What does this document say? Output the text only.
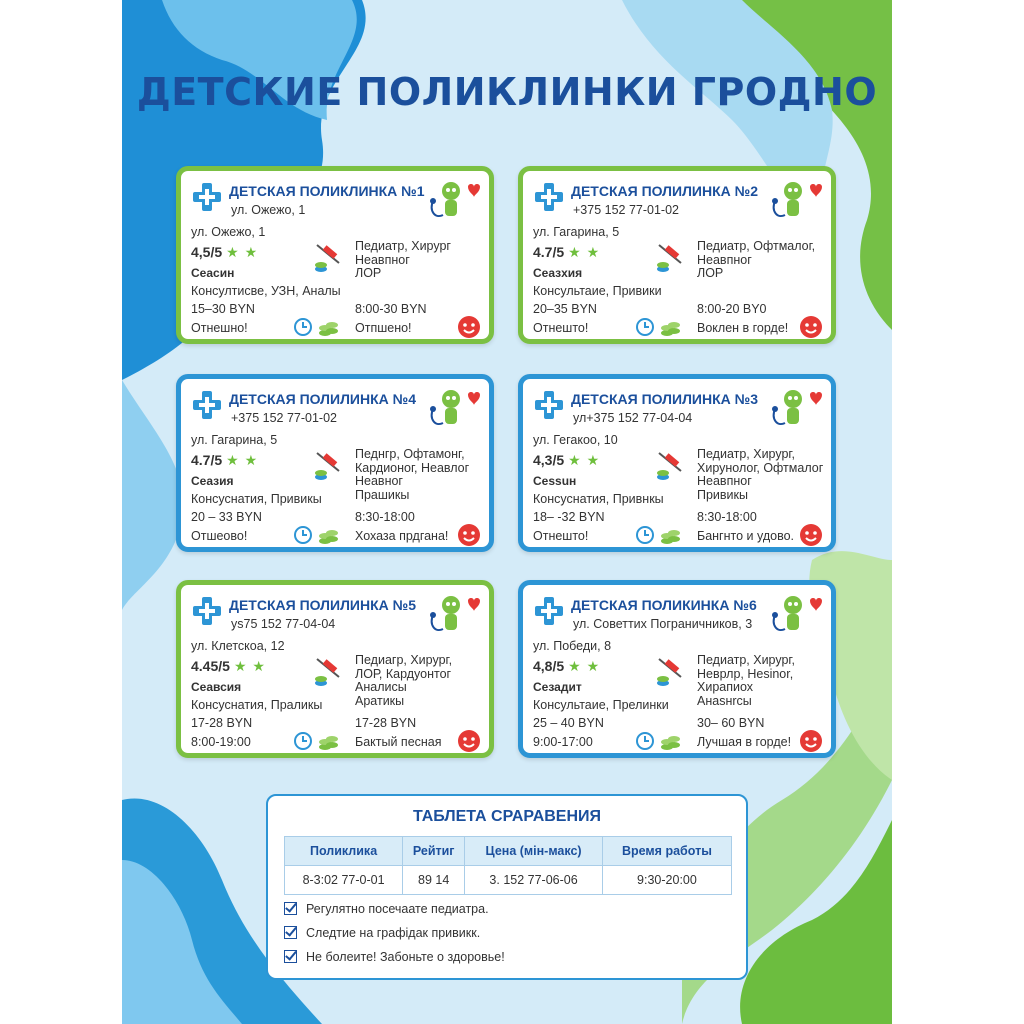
ДЕТСКИЕ ПОЛИКЛИНКИ ГРОДНО
ДЕТСКАЯ ПОЛИКЛИНКА №1
ул. Ожежо, 1
ул. Ожежо, 1
4,5/5 ★ ★
Сеасин
Консултисве, УЗН, Аналы
15–30 BYN
Отнешно!
Педиатр, Хирург
Неавпног
ЛОР
8:00-30 BYN
Отпшено!
ДЕТСКАЯ ПОЛИЛИНКА №2
+375 152 77-01-02
ул. Гагарина, 5
4.7/5 ★ ★
Сеазхия
Консультаие, Привики
20–35 BYN
Отнешто!
Педиатр, Офтмалог,
Неавпног
ЛОР
8:00-20 BY0
Воклен в горде!
ДЕТСКАЯ ПОЛИЛИНКА №4
+375 152 77-01-02
ул. Гагарина, 5
4.7/5 ★ ★
Сеазия
Консуснатия, Привикы
20 – 33 BYN
Отшеово!
Педнгр, Офтамонг,
Кардионог, Неавлог
Неавног
Прашикы
8:30-18:00
Хохаза прдгана!
ДЕТСКАЯ ПОЛИЛИНКА №3
ул+375 152 77-04-04
ул. Гегакоо, 10
4,3/5 ★ ★
Сеssuн
Консуснатия, Привнкы
18– -32 BYN
Отнешто!
Педиатр, Хирург,
Хирунолог, Офтмалог
Неавпног
Привикы
8:30-18:00
Бангнто и удово.
ДЕТСКАЯ ПОЛИЛИНКА №5
уs75 152 77-04-04
ул. Клетскоа, 12
4.45/5 ★ ★
Сеавсия
Консуснатия, Праликы
17-28 BYN
8:00-19:00
Педиагр, Хирург,
ЛОР, Кардуонтог
Аналисы
Аратикы
17-28 BYN
Бактый песная
ДЕТСКАЯ ПОЛИКИНКА №6
ул. Советтих Пограничников, 3
ул. Победи, 8
4,8/5 ★ ★
Сезадит
Консультаие, Прелинки
25 – 40 BYN
9:00-17:00
Педиатр, Хирург,
Неврлр, Неsinor,
Хирапиох
Анаsнrсы
30– 60 BYN
Лучшая в горде!
ТАБЛЕТА СРАРАВЕНИЯ
Поликлика	Рейтиг	Цена (мін-макс)	Время работы
8-3:02 77-0-01	89 14	3. 152 77-06-06	9:30-20:00
Регулятно посечаате педиатра.
Следтие на графідак привикк.
Не болеите! Забоньте о здоровье!
